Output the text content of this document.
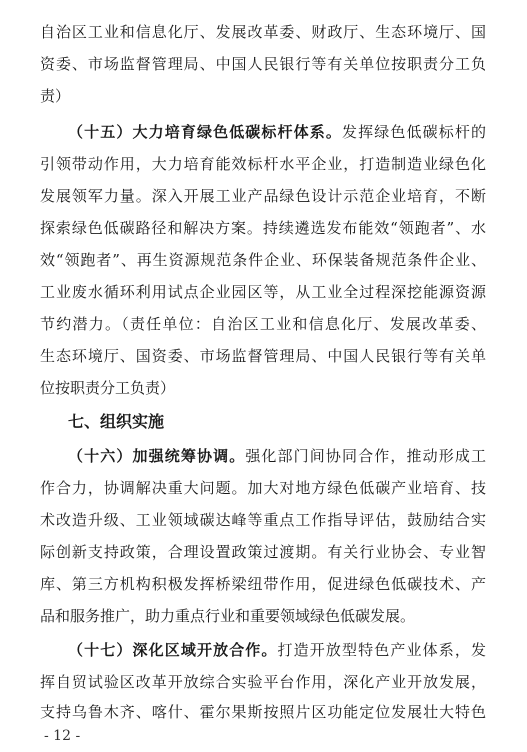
自治区工业和信息化厅、发展改革委、财政厅、生态环境厅、国
资委、市场监督管理局、中国人民银行等有关单位按职责分工负
责）
（十五）大力培育绿色低碳标杆体系。发挥绿色低碳标杆的
引领带动作用，大力培育能效标杆水平企业，打造制造业绿色化
发展领军力量。深入开展工业产品绿色设计示范企业培育，不断
探索绿色低碳路径和解决方案。持续遴选发布能效“领跑者”、水
效“领跑者”、再生资源规范条件企业、环保装备规范条件企业、
工业废水循环利用试点企业园区等，从工业全过程深挖能源资源
节约潜力。（责任单位：自治区工业和信息化厅、发展改革委、
生态环境厅、国资委、市场监督管理局、中国人民银行等有关单
位按职责分工负责）
七、组织实施
（十六）加强统筹协调。强化部门间协同合作，推动形成工
作合力，协调解决重大问题。加大对地方绿色低碳产业培育、技
术改造升级、工业领域碳达峰等重点工作指导评估，鼓励结合实
际创新支持政策，合理设置政策过渡期。有关行业协会、专业智
库、第三方机构积极发挥桥梁纽带作用，促进绿色低碳技术、产
品和服务推广，助力重点行业和重要领域绿色低碳发展。
（十七）深化区域开放合作。打造开放型特色产业体系，发
挥自贸试验区改革开放综合实验平台作用，深化产业开放发展，
支持乌鲁木齐、喀什、霍尔果斯按照片区功能定位发展壮大特色
- 12 -
